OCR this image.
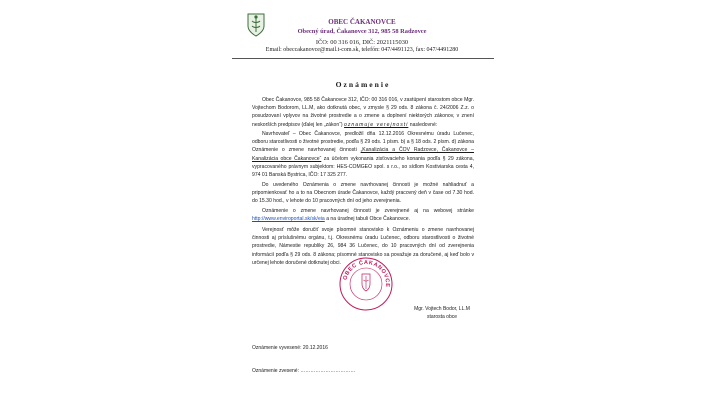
OBEC ČAKANOVCE
Obecný úrad, Čakanovce 312, 985 58 Radzovce
IČO: 00 316 016, DIČ: 2021115030
Email: obeccakanovce@mail.t-com.sk, telefón: 047/4491123, fax: 047/4491280
Oznámenie
Obec Čakanovce, 985 58 Čakanovce 312, IČO: 00 316 016, v zastúpení starostom obce Mgr. Vojtechom Bodorom, LL.M, ako dotknutá obec, v zmysle § 29 ods. 8 zákona č. 24/2006 Z.z. o posudzovaní vplyvov na životné prostredie a o zmene a doplnení niektorých zákonov, v znení neskorších predpisov (ďalej len „zákon“) oznamuje verejnosti nasledovné:
Navrhovateľ – Obec Čakanovce, predložil dňa 12.12.2016 Okresnému úradu Lučenec, odboru starostlivosti o životné prostredie, podľa § 29 ods. 1 písm. b) a § 18 ods. 2 písm. d) zákona Oznámenie o zmene navrhovanej činnosti „Kanalizácia a ČOV Radzovce, Čakanovce – Kanalizácia obce Čakanovce“ za účelom vykonania zisťovacieho konania podľa § 29 zákona, vypracovaného právnym subjektom: HES-COMGEO spol. s r.o., so sídlom Kostiviarska cesta 4, 974 01 Banská Bystrica, IČO: 17 325 277.
Do uvedeného Oznámenia o zmene navrhovanej činnosti je možné nahliadnuť a pripomienkovať ho a to na Obecnom úrade Čakanovce, každý pracovný deň v čase od 7.30 hod. do 15.30 hod., v lehote do 10 pracovných dní od jeho zverejnenia.
Oznámenie o zmene navrhovanej činnosti je zverejnené aj na webovej stránke http://www.enviroportal.sk/sk/eia a na úradnej tabuli Obce Čakanovce.
Verejnosť môže doručiť svoje písomné stanovisko k Oznámeniu o zmene navrhovanej činnosti aj príslušnému orgánu, t.j. Okresnému úradu Lučenec, odboru starostlivosti o životné prostredie, Námestie republiky 26, 984 36 Lučenec, do 10 pracovných dní od zverejnenia informácií podľa § 29 ods. 8 zákona; písomné stanovisko sa považuje za doručené, aj keď bolo v určenej lehote doručené dotknutej obci.
OBEC ČAKANOVCE
Mgr. Vojtech Bodor, LL.M
starosta obce
Oznámenie vyvesené: 20.12.2016
Oznámenie zvesené: ……………………………
